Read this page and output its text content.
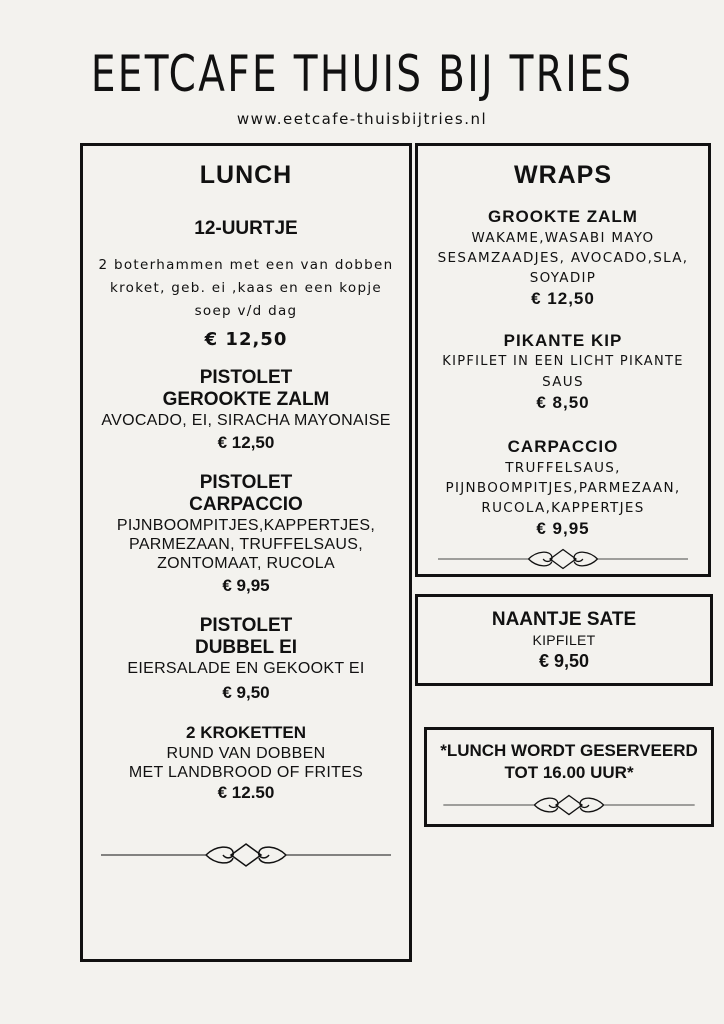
EETCAFE THUIS BIJ TRIES
www.eetcafe-thuisbijtries.nl
LUNCH
12-UURTJE
2 boterhammen met een van dobben
kroket, geb. ei ,kaas en een kopje
soep v/d dag
€ 12,50
PISTOLET
GEROOKTE ZALM
AVOCADO, EI, SIRACHA MAYONAISE
€ 12,50
PISTOLET
CARPACCIO
PIJNBOOMPITJES,KAPPERTJES,
PARMEZAAN, TRUFFELSAUS,
ZONTOMAAT, RUCOLA
€ 9,95
PISTOLET
DUBBEL EI
EIERSALADE EN GEKOOKT EI
€ 9,50
2 KROKETTEN
RUND VAN DOBBEN
MET LANDBROOD OF FRITES
€ 12.50
WRAPS
GROOKTE ZALM
WAKAME,WASABI MAYO
SESAMZAADJES, AVOCADO,SLA,
SOYADIP
€ 12,50
PIKANTE KIP
KIPFILET IN EEN LICHT PIKANTE
SAUS
€ 8,50
CARPACCIO
TRUFFELSAUS,
PIJNBOOMPITJES,PARMEZAAN,
RUCOLA,KAPPERTJES
€ 9,95
NAANTJE SATE
KIPFILET
€ 9,50
*LUNCH WORDT GESERVEERD
TOT 16.00 UUR*
